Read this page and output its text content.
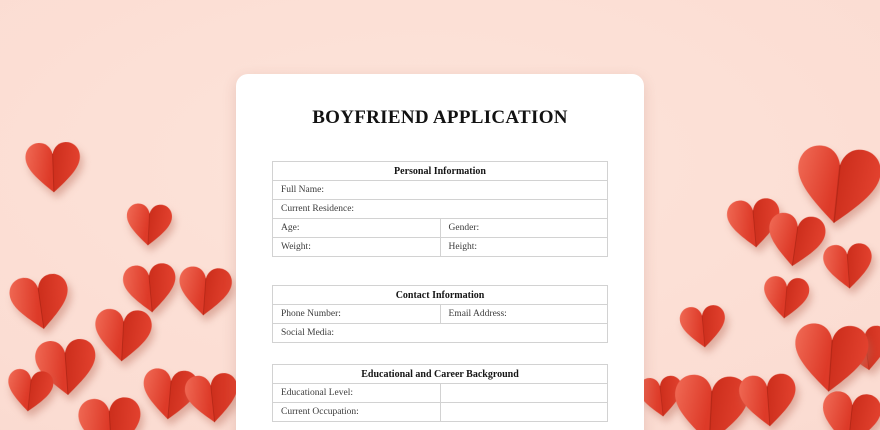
BOYFRIEND APPLICATION
Personal Information	
Full Name:	
Current Residence:	
Age:	Gender:
Weight:	Height:
Contact Information
Phone Number:	Email Address:
Social Media:
Educational and Career Background	
Educational Level:	
Current Occupation:	
